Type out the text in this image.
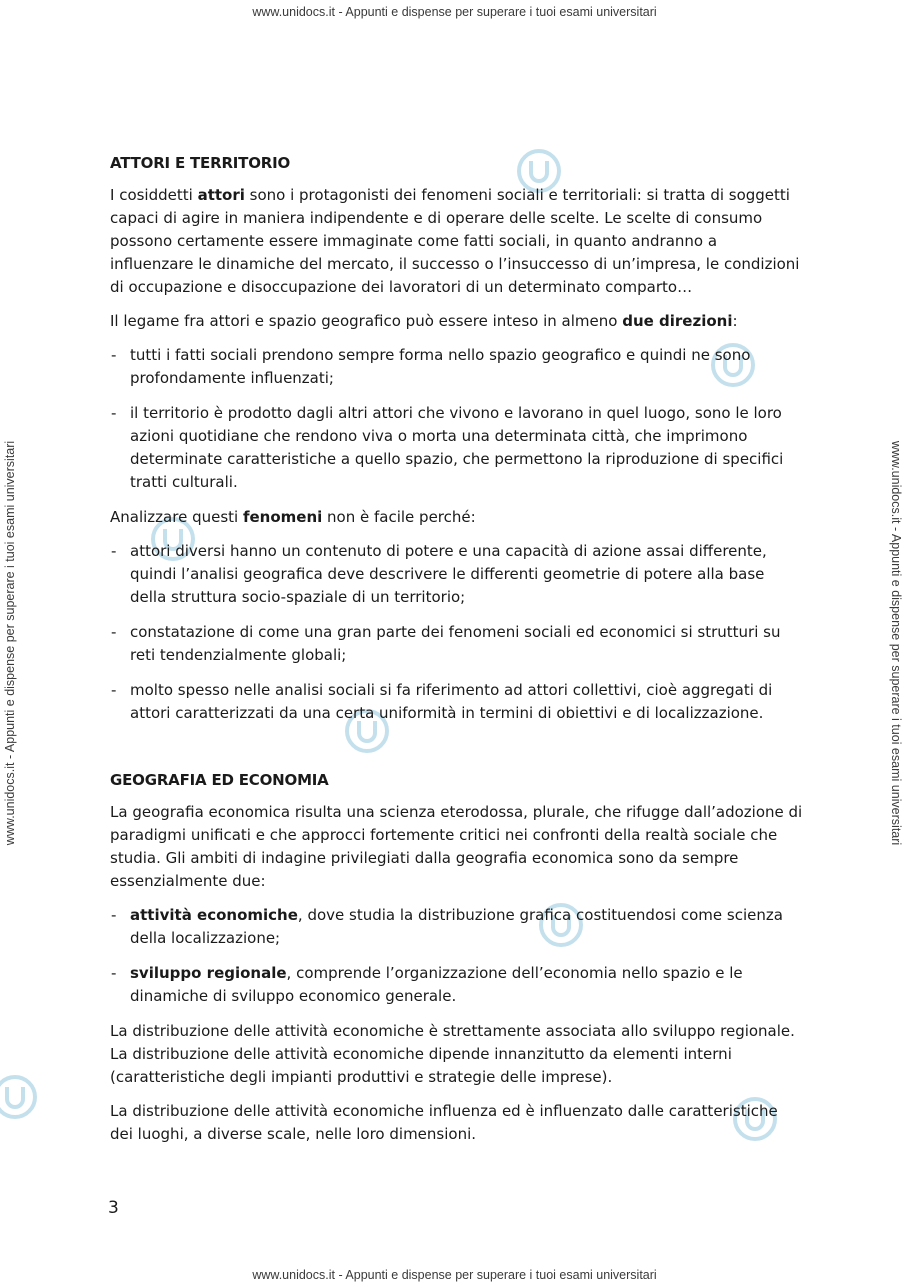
www.unidocs.it - Appunti e dispense per superare i tuoi esami universitari
www.unidocs.it - Appunti e dispense per superare i tuoi esami universitari
www.unidocs.it - Appunti e dispense per superare i tuoi esami universitari	www.unidocs.it - Appunti e dispense per superare i tuoi esami universitari
ATTORI E TERRITORIO

I cosiddetti attori sono i protagonisti dei fenomeni sociali e territoriali: si tratta di soggetti capaci di agire in maniera indipendente e di operare delle scelte. Le scelte di consumo possono certamente essere immaginate come fatti sociali, in quanto andranno a influenzare le dinamiche del mercato, il successo o l’insuccesso di un’impresa, le condizioni di occupazione e disoccupazione dei lavoratori di un determinato comparto…

Il legame fra attori e spazio geografico può essere inteso in almeno due direzioni:

- tutti i fatti sociali prendono sempre forma nello spazio geografico e quindi ne sono profondamente influenzati;
- il territorio è prodotto dagli altri attori che vivono e lavorano in quel luogo, sono le loro azioni quotidiane che rendono viva o morta una determinata città, che imprimono determinate caratteristiche a quello spazio, che permettono la riproduzione di specifici tratti culturali.

Analizzare questi fenomeni non è facile perché:

- attori diversi hanno un contenuto di potere e una capacità di azione assai differente, quindi l’analisi geografica deve descrivere le differenti geometrie di potere alla base della struttura socio-spaziale di un territorio;
- constatazione di come una gran parte dei fenomeni sociali ed economici si strutturi su reti tendenzialmente globali;
- molto spesso nelle analisi sociali si fa riferimento ad attori collettivi, cioè aggregati di attori caratterizzati da una certa uniformità in termini di obiettivi e di localizzazione.
GEOGRAFIA ED ECONOMIA

La geografia economica risulta una scienza eterodossa, plurale, che rifugge dall’adozione di paradigmi unificati e che approcci fortemente critici nei confronti della realtà sociale che studia. Gli ambiti di indagine privilegiati dalla geografia economica sono da sempre essenzialmente due:

- attività economiche, dove studia la distribuzione grafica costituendosi come scienza della localizzazione;
- sviluppo regionale, comprende l’organizzazione dell’economia nello spazio e le dinamiche di sviluppo economico generale.

La distribuzione delle attività economiche è strettamente associata allo sviluppo regionale. La distribuzione delle attività economiche dipende innanzitutto da elementi interni (caratteristiche degli impianti produttivi e strategie delle imprese).

La distribuzione delle attività economiche influenza ed è influenzato dalle caratteristiche dei luoghi, a diverse scale, nelle loro dimensioni.

3
